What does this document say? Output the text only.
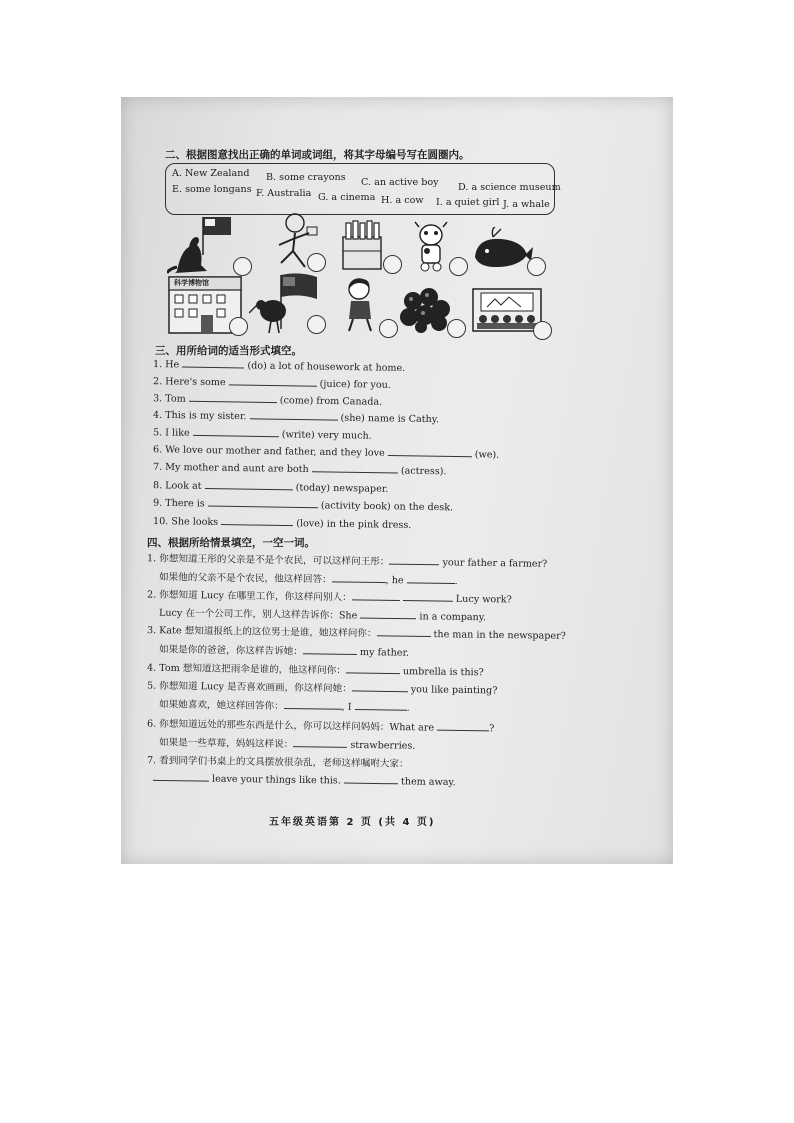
二、根据图意找出正确的单词或词组，将其字母编号写在圆圈内。
A. New Zealand B. some crayons C. an active boy D. a science museum
E. some longans F. Australia G. a cinema H. a cow I. a quiet girl J. a whale
科学博物馆
三、用所给词的适当形式填空。
1. He	(do) a lot of housework at home.
2. Here's some	(juice) for you.
3. Tom	(come) from Canada.
4. This is my sister.	(she) name is Cathy.
5. I like	(write) very much.
6. We love our mother and father, and they love	(we).
7. My mother and aunt are both	(actress).
8. Look at	(today) newspaper.
9. There is	(activity book) on the desk.
10. She looks	(love) in the pink dress.
四、根据所给情景填空，一空一词。
1. 你想知道王彤的父亲是不是个农民，可以这样问王彤：	your father a farmer?
如果他的父亲不是个农民，他这样回答：	, he	.
2. 你想知道 Lucy 在哪里工作，你这样问别人：	Lucy work?
Lucy 在一个公司工作，别人这样告诉你：She	in a company.
3. Kate 想知道报纸上的这位男士是谁，她这样问你：	the man in the newspaper?
如果是你的爸爸，你这样告诉她：	my father.
4. Tom 想知道这把雨伞是谁的，他这样问你：	umbrella is this?
5. 你想知道 Lucy 是否喜欢画画，你这样问她：	you like painting?
如果她喜欢，她这样回答你：	, I	.
6. 你想知道远处的那些东西是什么，你可以这样问妈妈：What are	?
如果是一些草莓，妈妈这样说：	strawberries.
7. 看到同学们书桌上的文具摆放很杂乱，老师这样嘱咐大家：
leave your things like this.	them away.
五年级英语第 2 页 (共 4 页)
